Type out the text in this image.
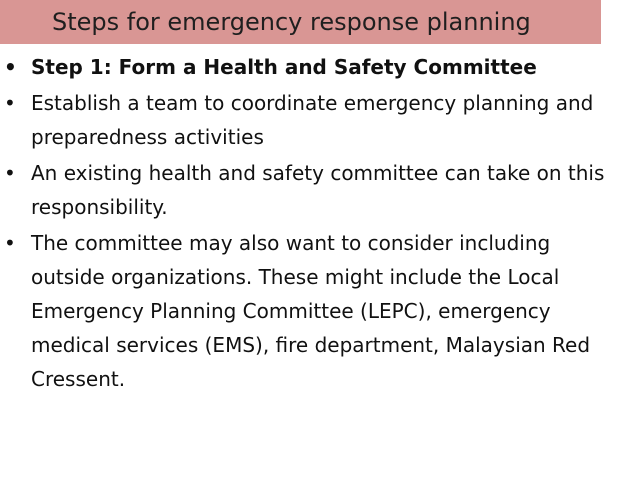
Steps for emergency response planning
• Step 1: Form a Health and Safety Committee
• Establish a team to coordinate emergency planning and preparedness activities
• An existing health and safety committee can take on this responsibility.
• The committee may also want to consider including outside organizations. These might include the Local Emergency Planning Committee (LEPC), emergency medical services (EMS), fire department, Malaysian Red Cressent.
